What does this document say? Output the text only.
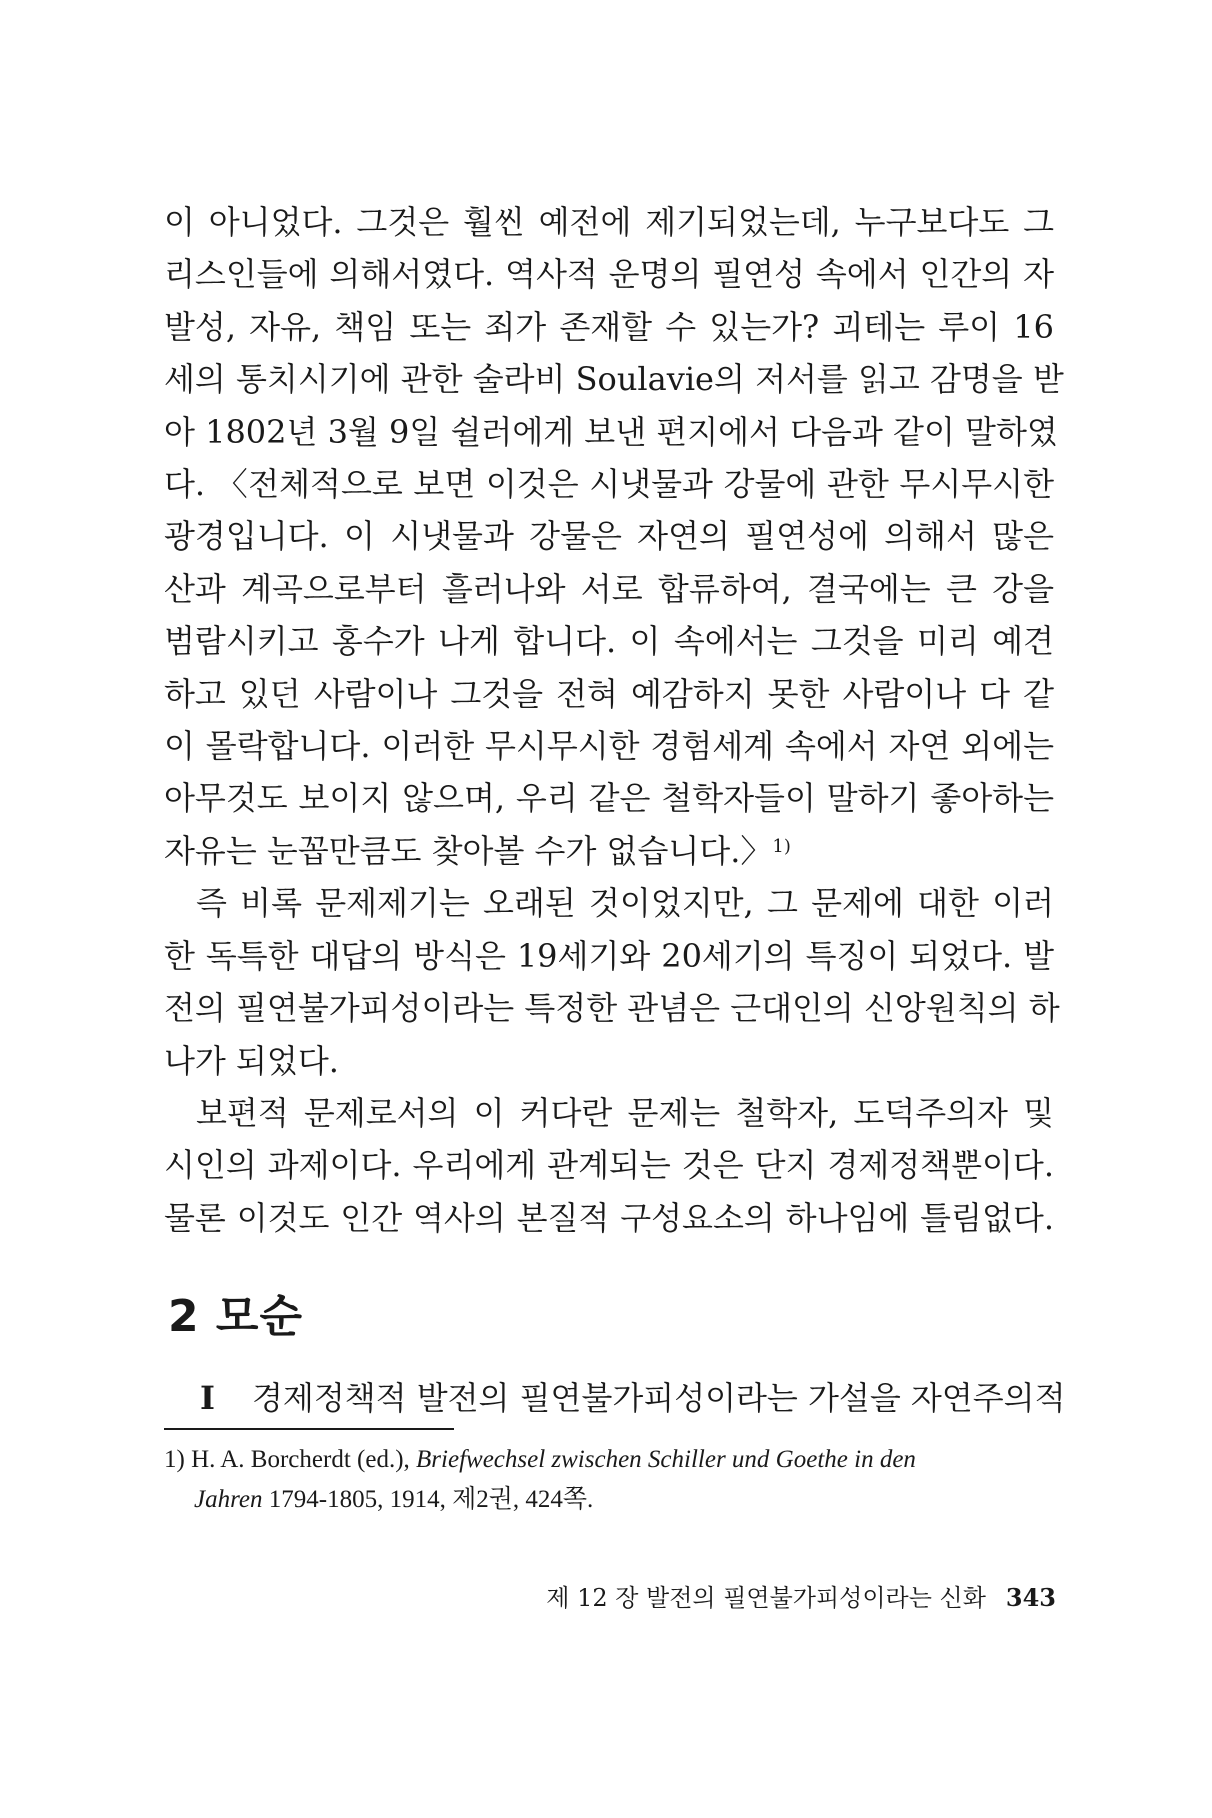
이 아니었다. 그것은 훨씬 예전에 제기되었는데, 누구보다도 그
리스인들에 의해서였다. 역사적 운명의 필연성 속에서 인간의 자
발성, 자유, 책임 또는 죄가 존재할 수 있는가? 괴테는 루이 16
세의 통치시기에 관한 술라비 Soulavie의 저서를 읽고 감명을 받
아 1802년 3월 9일 쉴러에게 보낸 편지에서 다음과 같이 말하였
다. 〈전체적으로 보면 이것은 시냇물과 강물에 관한 무시무시한
광경입니다. 이 시냇물과 강물은 자연의 필연성에 의해서 많은
산과 계곡으로부터 흘러나와 서로 합류하여, 결국에는 큰 강을
범람시키고 홍수가 나게 합니다. 이 속에서는 그것을 미리 예견
하고 있던 사람이나 그것을 전혀 예감하지 못한 사람이나 다 같
이 몰락합니다. 이러한 무시무시한 경험세계 속에서 자연 외에는
아무것도 보이지 않으며, 우리 같은 철학자들이 말하기 좋아하는
자유는 눈꼽만큼도 찾아볼 수가 없습니다.〉$^{1)}$

즉 비록 문제제기는 오래된 것이었지만, 그 문제에 대한 이러
한 독특한 대답의 방식은 19세기와 20세기의 특징이 되었다. 발
전의 필연불가피성이라는 특정한 관념은 근대인의 신앙원칙의 하
나가 되었다.

보편적 문제로서의 이 커다란 문제는 철학자, 도덕주의자 및
시인의 과제이다. 우리에게 관계되는 것은 단지 경제정책뿐이다.
물론 이것도 인간 역사의 본질적 구성요소의 하나임에 틀림없다.

2 모순
I 경제정책적 발전의 필연불가피성이라는 가설을 자연주의적
1) H. A. Borcherdt (ed.), Briefwechsel zwischen Schiller und Goethe in den
Jahren 1794-1805, 1914, 제2권, 424쪽.
제 12 장 발전의 필연불가피성이라는 신화 343
